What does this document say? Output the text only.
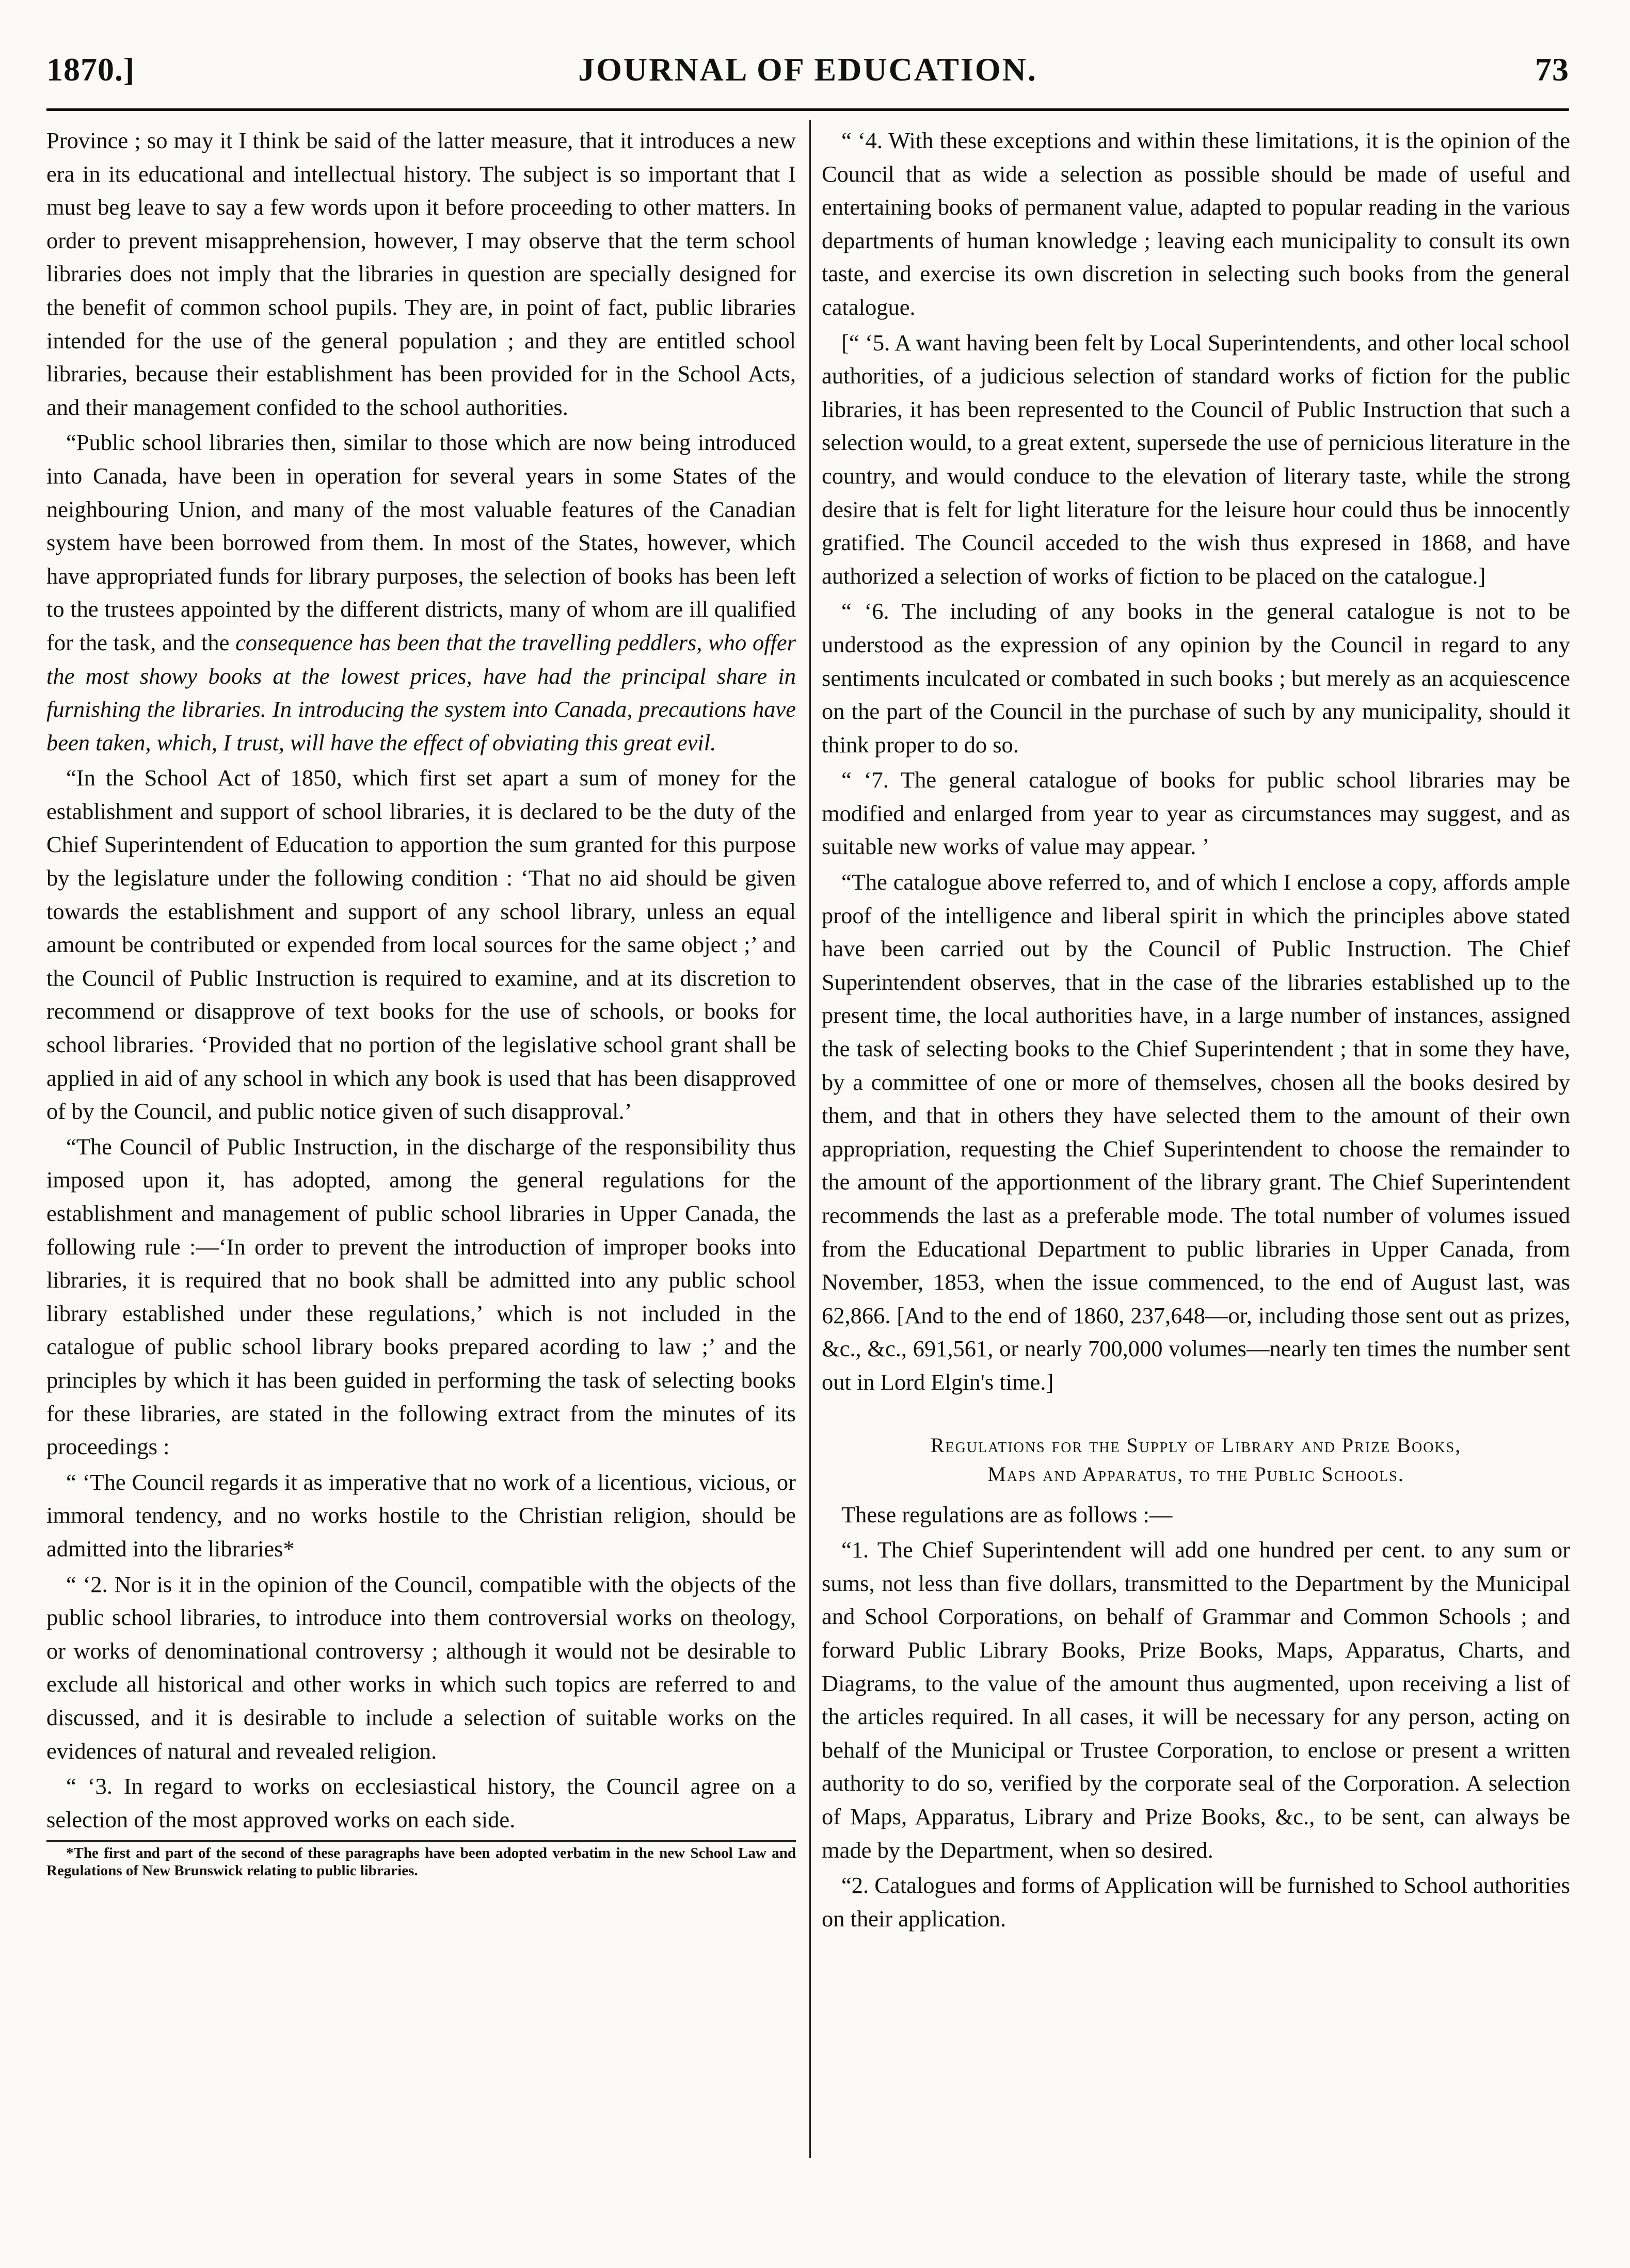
1870.]	JOURNAL OF EDUCATION.	73

Province ; so may it I think be said of the latter measure, that it introduces a new era in its educational and intellectual history. The subject is so important that I must beg leave to say a few words upon it before proceeding to other matters. In order to prevent misapprehension, however, I may observe that the term school libraries does not imply that the libraries in question are specially designed for the benefit of common school pupils. They are, in point of fact, public libraries intended for the use of the general population ; and they are entitled school libraries, because their establishment has been provided for in the School Acts, and their management confided to the school authorities.

“Public school libraries then, similar to those which are now being introduced into Canada, have been in operation for several years in some States of the neighbouring Union, and many of the most valuable features of the Canadian system have been borrowed from them. In most of the States, however, which have appropriated funds for library purposes, the selection of books has been left to the trustees appointed by the different districts, many of whom are ill qualified for the task, and the consequence has been that the travelling peddlers, who offer the most showy books at the lowest prices, have had the principal share in furnishing the libraries. In introducing the system into Canada, precautions have been taken, which, I trust, will have the effect of obviating this great evil.

“In the School Act of 1850, which first set apart a sum of money for the establishment and support of school libraries, it is declared to be the duty of the Chief Superintendent of Education to apportion the sum granted for this purpose by the legislature under the following condition : ‘That no aid should be given towards the establishment and support of any school library, unless an equal amount be contributed or expended from local sources for the same object ;’ and the Council of Public Instruction is required to examine, and at its discretion to recommend or disapprove of text books for the use of schools, or books for school libraries. ‘Provided that no portion of the legislative school grant shall be applied in aid of any school in which any book is used that has been disapproved of by the Council, and public notice given of such disapproval.’

“The Council of Public Instruction, in the discharge of the responsibility thus imposed upon it, has adopted, among the general regulations for the establishment and management of public school libraries in Upper Canada, the following rule :—‘In order to prevent the introduction of improper books into libraries, it is required that no book shall be admitted into any public school library established under these regulations,’ which is not included in the catalogue of public school library books prepared acording to law ;’ and the principles by which it has been guided in performing the task of selecting books for these libraries, are stated in the following extract from the minutes of its proceedings :

“ ‘The Council regards it as imperative that no work of a licentious, vicious, or immoral tendency, and no works hostile to the Christian religion, should be admitted into the libraries*

“ ‘2. Nor is it in the opinion of the Council, compatible with the objects of the public school libraries, to introduce into them controversial works on theology, or works of denominational controversy ; although it would not be desirable to exclude all historical and other works in which such topics are referred to and discussed, and it is desirable to include a selection of suitable works on the evidences of natural and revealed religion.

“ ‘3. In regard to works on ecclesiastical history, the Council agree on a selection of the most approved works on each side.

*The first and part of the second of these paragraphs have been adopted verbatim in the new School Law and Regulations of New Brunswick relating to public libraries.

“ ‘4. With these exceptions and within these limitations, it is the opinion of the Council that as wide a selection as possible should be made of useful and entertaining books of permanent value, adapted to popular reading in the various departments of human knowledge ; leaving each municipality to consult its own taste, and exercise its own discretion in selecting such books from the general catalogue.

[“ ‘5. A want having been felt by Local Superintendents, and other local school authorities, of a judicious selection of standard works of fiction for the public libraries, it has been represented to the Council of Public Instruction that such a selection would, to a great extent, supersede the use of pernicious literature in the country, and would conduce to the elevation of literary taste, while the strong desire that is felt for light literature for the leisure hour could thus be innocently gratified. The Council acceded to the wish thus expresed in 1868, and have authorized a selection of works of fiction to be placed on the catalogue.]

“ ‘6. The including of any books in the general catalogue is not to be understood as the expression of any opinion by the Council in regard to any sentiments inculcated or combated in such books ; but merely as an acquiescence on the part of the Council in the purchase of such by any municipality, should it think proper to do so.

“ ‘7. The general catalogue of books for public school libraries may be modified and enlarged from year to year as circumstances may suggest, and as suitable new works of value may appear. ’

“The catalogue above referred to, and of which I enclose a copy, affords ample proof of the intelligence and liberal spirit in which the principles above stated have been carried out by the Council of Public Instruction. The Chief Superintendent observes, that in the case of the libraries established up to the present time, the local authorities have, in a large number of instances, assigned the task of selecting books to the Chief Superintendent ; that in some they have, by a committee of one or more of themselves, chosen all the books desired by them, and that in others they have selected them to the amount of their own appropriation, requesting the Chief Superintendent to choose the remainder to the amount of the apportionment of the library grant. The Chief Superintendent recommends the last as a preferable mode. The total number of volumes issued from the Educational Department to public libraries in Upper Canada, from November, 1853, when the issue commenced, to the end of August last, was 62,866. [And to the end of 1860, 237,648—or, including those sent out as prizes, &c., &c., 691,561, or nearly 700,000 volumes—nearly ten times the number sent out in Lord Elgin's time.]

Regulations for the Supply of Library and Prize Books,
Maps and Apparatus, to the Public Schools.

These regulations are as follows :—

“1. The Chief Superintendent will add one hundred per cent. to any sum or sums, not less than five dollars, transmitted to the Department by the Municipal and School Corporations, on behalf of Grammar and Common Schools ; and forward Public Library Books, Prize Books, Maps, Apparatus, Charts, and Diagrams, to the value of the amount thus augmented, upon receiving a list of the articles required. In all cases, it will be necessary for any person, acting on behalf of the Municipal or Trustee Corporation, to enclose or present a written authority to do so, verified by the corporate seal of the Corporation. A selection of Maps, Apparatus, Library and Prize Books, &c., to be sent, can always be made by the Department, when so desired.

“2. Catalogues and forms of Application will be furnished to School authorities on their application.
